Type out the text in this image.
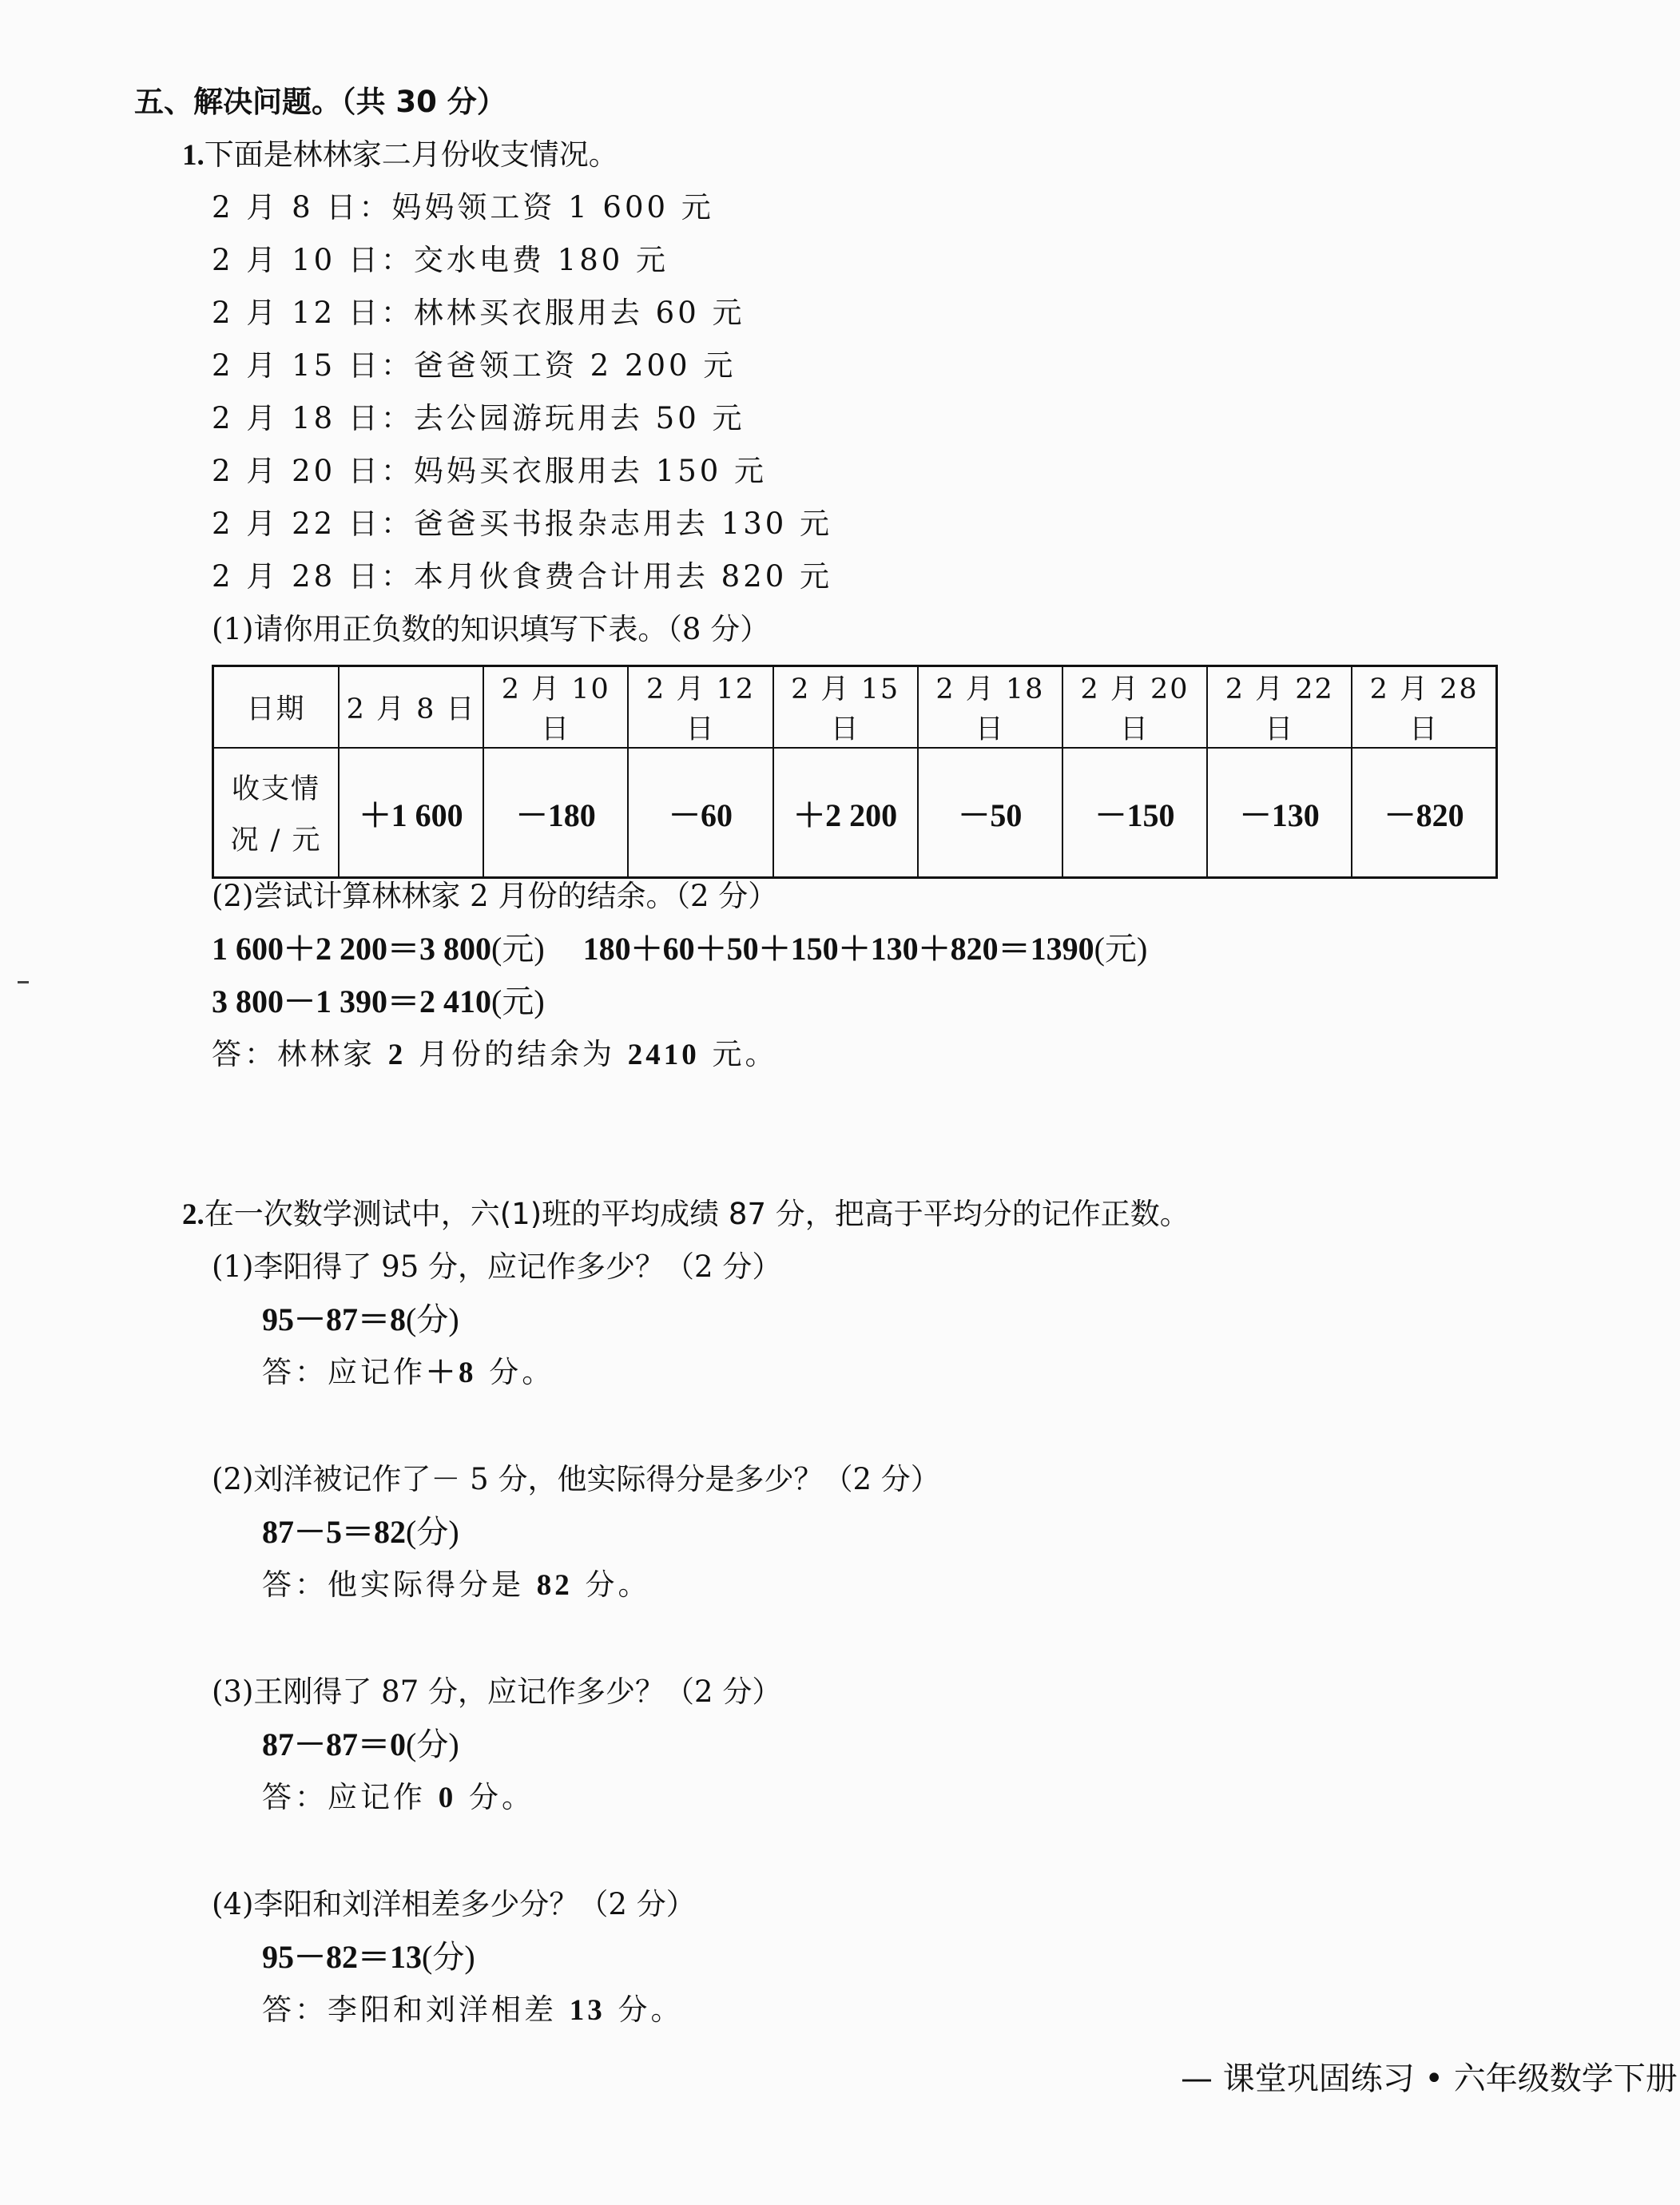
五、解决问题。（共 30 分）
1.下面是林林家二月份收支情况。
2 月 8 日：妈妈领工资 1 600 元
2 月 10 日：交水电费 180 元
2 月 12 日：林林买衣服用去 60 元
2 月 15 日：爸爸领工资 2 200 元
2 月 18 日：去公园游玩用去 50 元
2 月 20 日：妈妈买衣服用去 150 元
2 月 22 日：爸爸买书报杂志用去 130 元
2 月 28 日：本月伙食费合计用去 820 元
(1)请你用正负数的知识填写下表。（8 分）
日期	2 月 8 日	2 月 10 日	2 月 12 日	2 月 15 日	2 月 18 日	2 月 20 日	2 月 22 日	2 月 28 日

收支情
况 / 元	＋1 600	－180	－60	＋2 200	－50	－150	－130	－820
(2)尝试计算林林家 2 月份的结余。（2 分）
1 600＋2 200＝3 800(元) 180＋60＋50＋150＋130＋820＝1390(元)
3 800－1 390＝2 410(元)
答：林林家 2 月份的结余为 2410 元。
2.在一次数学测试中，六(1)班的平均成绩 87 分，把高于平均分的记作正数。
(1)李阳得了 95 分，应记作多少？（2 分）
95－87＝8(分)
答：应记作＋8 分。
(2)刘洋被记作了－ 5 分，他实际得分是多少？（2 分）
87－5＝82(分)
答：他实际得分是 82 分。
(3)王刚得了 87 分，应记作多少？（2 分）
87－87＝0(分)
答：应记作 0 分。
(4)李阳和刘洋相差多少分？（2 分）
95－82＝13(分)
答：李阳和刘洋相差 13 分。
— 课堂巩固练习 • 六年级数学下册
